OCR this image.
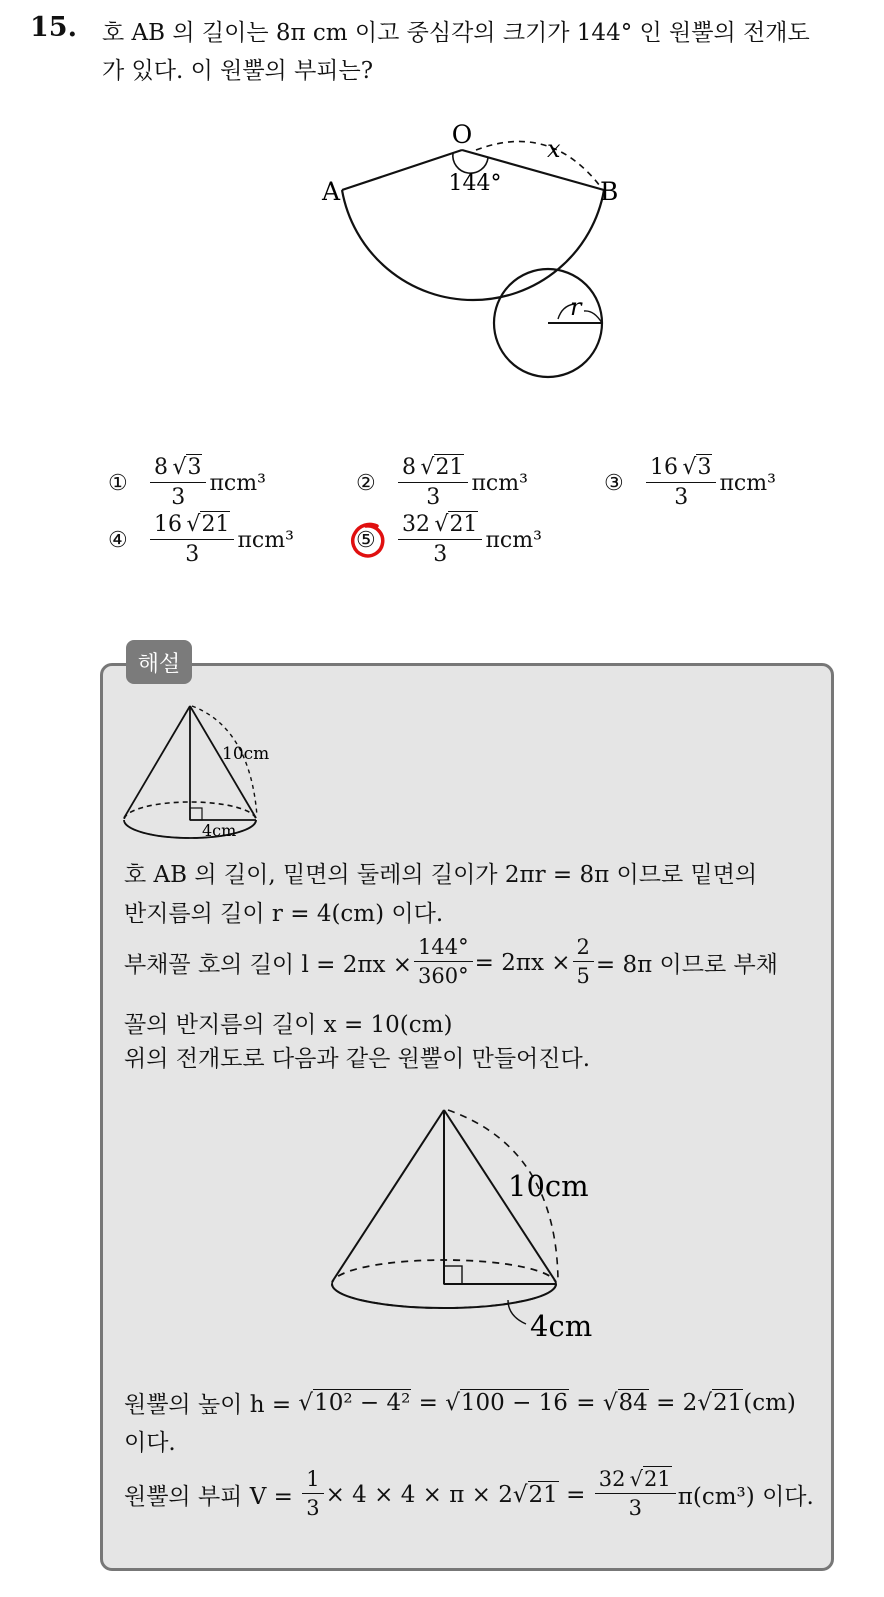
15. 호 AB 의 길이는 8π cm 이고 중심각의 크기가 144° 인 원뿔의 전개도
가 있다. 이 원뿔의 부피는?
O
A	B
x
144°
r
①	$\frac{8 √3}{3} \pi cm^3$	②	$\frac{8 √21}{3} \pi cm^3$	③	$\frac{16 √3}{3} \pi cm^3$
④	$\frac{16 √21}{3} \pi cm^3$	⑤	$\frac{32 √21}{3} \pi cm^3$
해설
10cm
4cm
호 AB 의 길이, 밑면의 둘레의 길이가 2πr = 8π 이므로 밑면의
반지름의 길이 r = 4(cm) 이다.
부채꼴 호의 길이 $l = 2\pi x \times \frac{144^\circ}{360^\circ} = 2\pi x \times \frac{2}{5} = 8\pi$ 이므로 부채
꼴의 반지름의 길이 x = 10(cm)
위의 전개도로 다음과 같은 원뿔이 만들어진다.
10cm
4cm
원뿔의 높이 h =
√10² − 4²
=
√100 − 16
=
√84
= 2 √21 (cm)
이다.
원뿔의 부피 V =
$\frac{1}{3} \times 4 \times 4 \times \pi \times 2$ √21
=
$\frac{32 √21}{3} \pi(cm^3)$ 이다.
